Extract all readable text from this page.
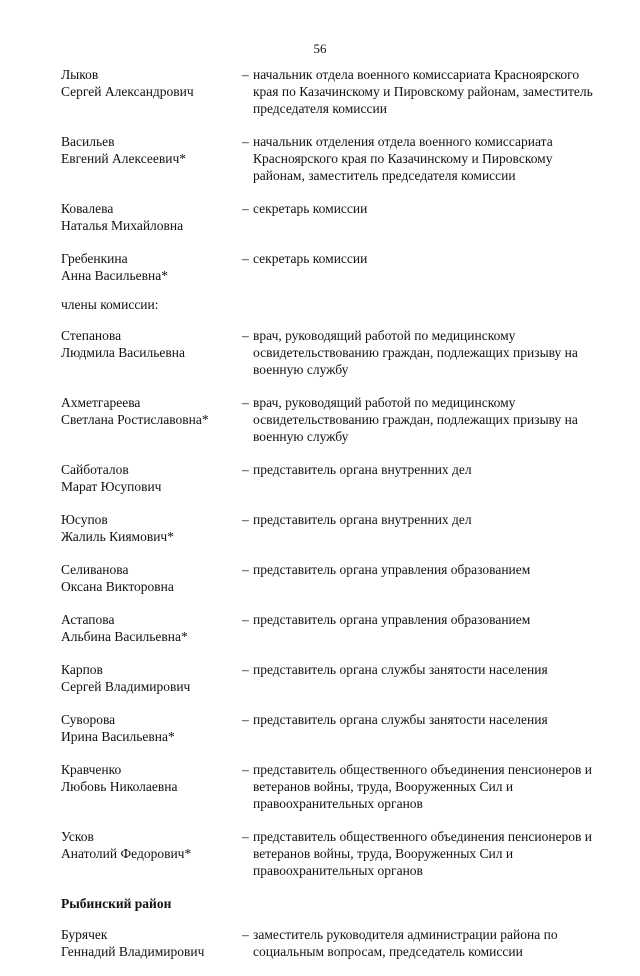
56
Лыков
Сергей Александрович
– начальник отдела военного комиссариата Красноярского края по Казачинскому и Пировскому районам, заместитель председателя комиссии
Васильев
Евгений Алексеевич*
– начальник отделения отдела военного комиссариата Красноярского края по Казачинскому и Пировскому районам, заместитель председателя комиссии
Ковалева
Наталья Михайловна
– секретарь комиссии
Гребенкина
Анна Васильевна*
– секретарь комиссии
члены комиссии:
Степанова
Людмила Васильевна
– врач, руководящий работой по медицинскому освидетельствованию граждан, подлежащих призыву на военную службу
Ахметгареева
Светлана Ростиславовна*
– врач, руководящий работой по медицинскому освидетельствованию граждан, подлежащих призыву на военную службу
Сайботалов
Марат Юсупович
– представитель органа внутренних дел
Юсупов
Жалиль Киямович*
– представитель органа внутренних дел
Селиванова
Оксана Викторовна
– представитель органа управления образованием
Астапова
Альбина Васильевна*
– представитель органа управления образованием
Карпов
Сергей Владимирович
– представитель органа службы занятости населения
Суворова
Ирина Васильевна*
– представитель органа службы занятости населения
Кравченко
Любовь Николаевна
– представитель общественного объединения пенсионеров и ветеранов войны, труда, Вооруженных Сил и правоохранительных органов
Усков
Анатолий Федорович*
– представитель общественного объединения пенсионеров и ветеранов войны, труда, Вооруженных Сил и правоохранительных органов
Рыбинский район
Бурячек
Геннадий Владимирович
– заместитель руководителя администрации района по социальным вопросам, председатель комиссии
